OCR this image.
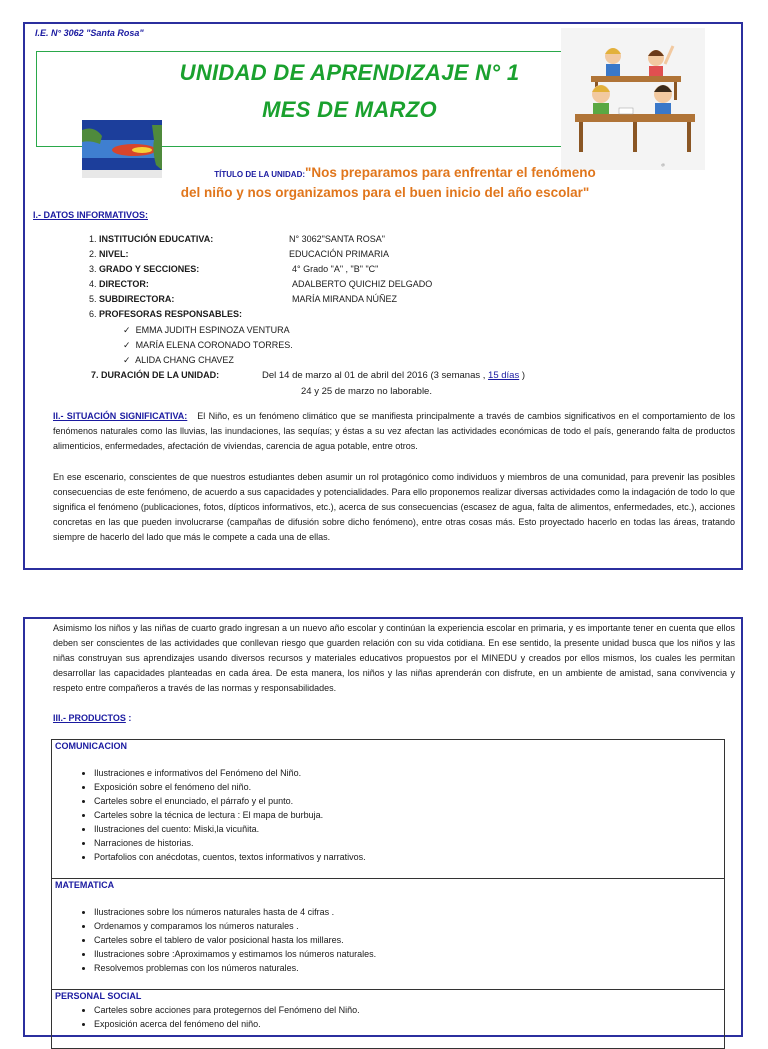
I.E. N° 3062 "Santa Rosa"
UNIDAD DE APRENDIZAJE N° 1
MES DE MARZO
@
TÍTULO DE LA UNIDAD:"Nos preparamos para enfrentar el fenómeno
del niño y nos organizamos para el buen inicio del año escolar"
I.- DATOS INFORMATIVOS:
1. INSTITUCIÓN EDUCATIVA:	N° 3062"SANTA ROSA"
2. NIVEL:	EDUCACIÓN PRIMARIA
3. GRADO Y SECCIONES:	4° Grado "A" , "B" "C"
4. DIRECTOR:	ADALBERTO QUICHIZ DELGADO
5. SUBDIRECTORA:	MARÍA MIRANDA NÚÑEZ
6. PROFESORAS RESPONSABLES:
✓ EMMA JUDITH ESPINOZA VENTURA
✓ MARÍA ELENA CORONADO TORRES.
✓ ALIDA CHANG CHAVEZ
7. DURACIÓN DE LA UNIDAD:	Del 14 de marzo al 01 de abril del 2016 (3 semanas , 15 días )
24 y 25 de marzo no laborable.
II.- SITUACIÓN SIGNIFICATIVA: El Niño, es un fenómeno climático que se manifiesta principalmente a través de cambios significativos en el comportamiento de los fenómenos naturales como las lluvias, las inundaciones, las sequías; y éstas a su vez afectan las actividades económicas de todo el país, generando falta de productos alimenticios, enfermedades, afectación de viviendas, carencia de agua potable, entre otros.
En ese escenario, conscientes de que nuestros estudiantes deben asumir un rol protagónico como individuos y miembros de una comunidad, para prevenir las posibles consecuencias de este fenómeno, de acuerdo a sus capacidades y potencialidades. Para ello proponemos realizar diversas actividades como la indagación de todo lo que significa el fenómeno (publicaciones, fotos, dípticos informativos, etc.), acerca de sus consecuencias (escasez de agua, falta de alimentos, enfermedades, etc.), acciones concretas en las que pueden involucrarse (campañas de difusión sobre dicho fenómeno), entre otras cosas más. Esto proyectado hacerlo en todas las áreas, tratando siempre de hacerlo del lado que más le compete a cada una de ellas.
Asimismo los niños y las niñas de cuarto grado ingresan a un nuevo año escolar y continúan la experiencia escolar en primaria, y es importante tener en cuenta que ellos deben ser conscientes de las actividades que conllevan riesgo que guarden relación con su vida cotidiana. En ese sentido, la presente unidad busca que los niños y las niñas construyan sus aprendizajes usando diversos recursos y materiales educativos propuestos por el MINEDU y creados por ellos mismos, los cuales les permitan desarrollar las capacidades planteadas en cada área. De esta manera, los niños y las niñas aprenderán con disfrute, en un ambiente de amistad, sana convivencia y respeto entre compañeros a través de las normas y responsabilidades.
III.- PRODUCTOS :
COMUNICACION
• Ilustraciones e informativos del Fenómeno del Niño.
• Exposición sobre el fenómeno del niño.
• Carteles sobre el enunciado, el párrafo y el punto.
• Carteles sobre la técnica de lectura : El mapa de burbuja.
• Ilustraciones del cuento: Miski,la vicuñita.
• Narraciones de historias.
• Portafolios con anécdotas, cuentos, textos informativos y narrativos.
MATEMATICA
• Ilustraciones sobre los números naturales hasta de 4 cifras .
• Ordenamos y comparamos los números naturales .
• Carteles sobre el tablero de valor posicional hasta los millares.
• Ilustraciones sobre :Aproximamos y estimamos los números naturales.
• Resolvemos problemas con los números naturales.
PERSONAL SOCIAL
• Carteles sobre acciones para protegernos del Fenómeno del Niño.
• Exposición acerca del fenómeno del niño.
